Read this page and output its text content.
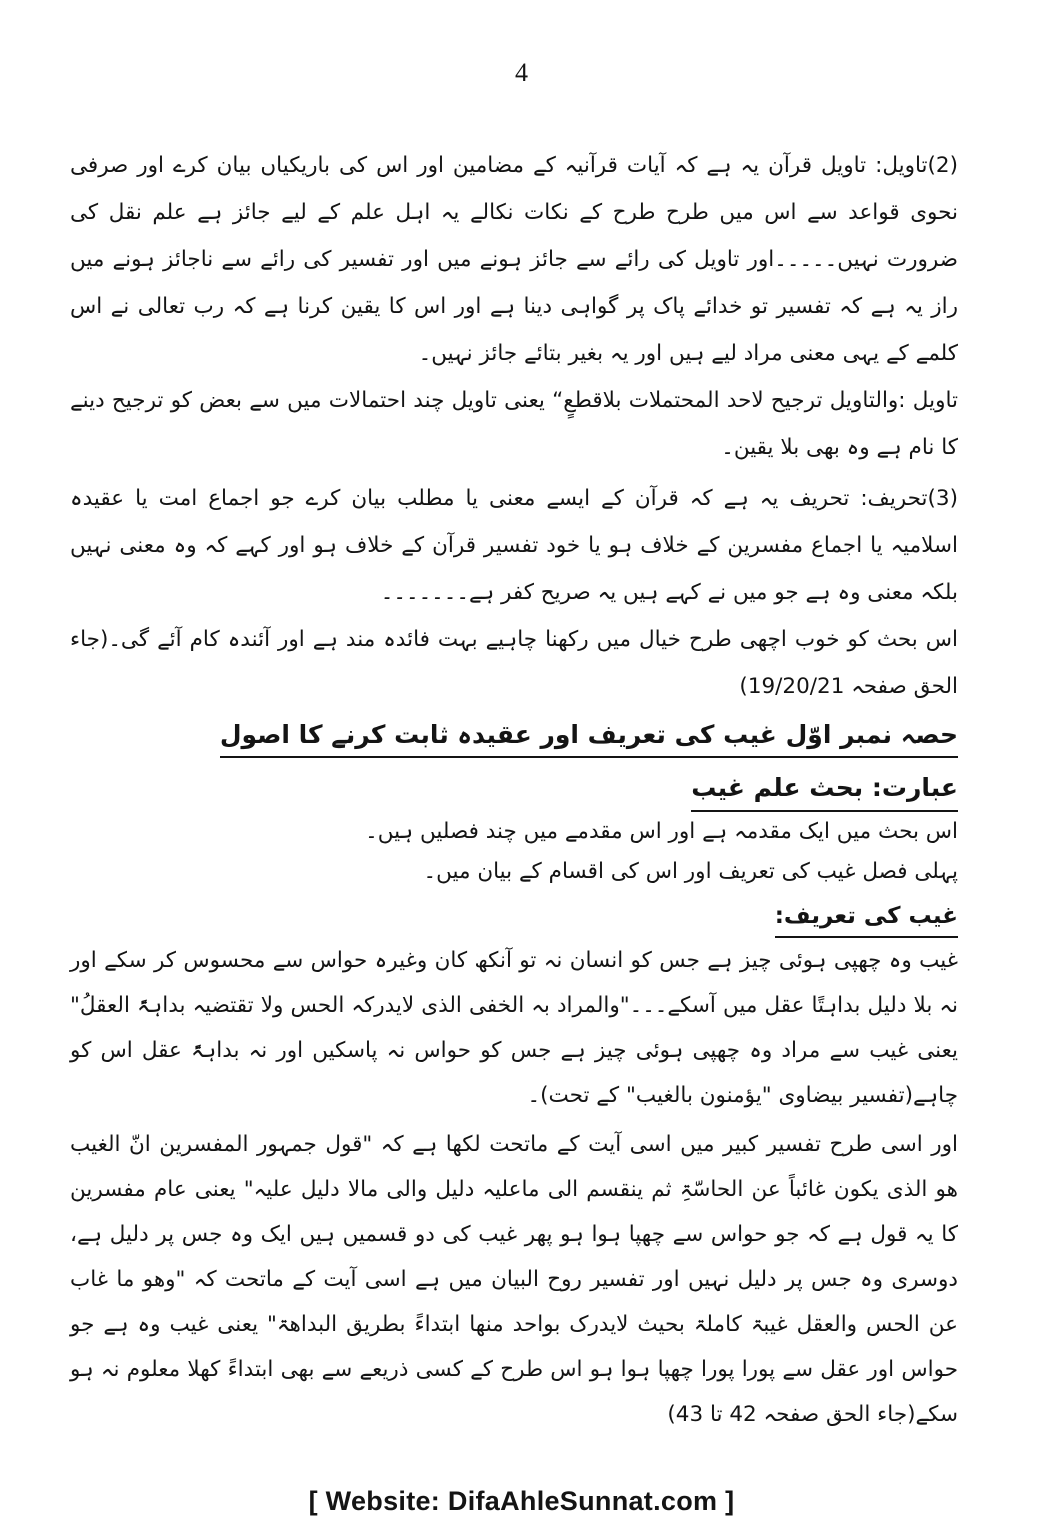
4

(2)تاویل: تاویل قرآن یہ ہے کہ آیات قرآنیہ کے مضامین اور اس کی باریکیاں بیان کرے اور صرفی نحوی قواعد سے اس میں طرح طرح کے نکات نکالے یہ اہل علم کے لیے جائز ہے علم نقل کی ضرورت نہیں۔۔۔۔۔اور تاویل کی رائے سے جائز ہونے میں اور تفسیر کی رائے سے ناجائز ہونے میں راز یہ ہے کہ تفسیر تو خدائے پاک پر گواہی دینا ہے اور اس کا یقین کرنا ہے کہ رب تعالی نے اس کلمے کے یہی معنی مراد لیے ہیں اور یہ بغیر بتائے جائز نہیں۔

تاویل :والتاویل ترجیح لاحد المحتملات بلاقطعٍ“ یعنی تاویل چند احتمالات میں سے بعض کو ترجیح دینے کا نام ہے وہ بھی بلا یقین۔

(3)تحریف: تحریف یہ ہے کہ قرآن کے ایسے معنی یا مطلب بیان کرے جو اجماع امت یا عقیدہ اسلامیہ یا اجماع مفسرین کے خلاف ہو یا خود تفسیر قرآن کے خلاف ہو اور کہے کہ وہ معنی نہیں بلکہ معنی وہ ہے جو میں نے کہے ہیں یہ صریح کفر ہے۔۔۔۔۔۔۔

اس بحث کو خوب اچھی طرح خیال میں رکھنا چاہیے بہت فائدہ مند ہے اور آئندہ کام آئے گی۔(جاء الحق صفحہ 19/20/21)

حصہ نمبر اوّل غیب کی تعریف اور عقیدہ ثابت کرنے کا اصول
عبارت: بحث علم غیب
اس بحث میں ایک مقدمہ ہے اور اس مقدمے میں چند فصلیں ہیں۔
پہلی فصل غیب کی تعریف اور اس کی اقسام کے بیان میں۔
غیب کی تعریف:

غیب وہ چھپی ہوئی چیز ہے جس کو انسان نہ تو آنکھ کان وغیرہ حواس سے محسوس کر سکے اور نہ بلا دلیل بداہتًا عقل میں آسکے۔۔۔"والمراد بہ الخفی الذی لایدرکہ الحس ولا تقتضیہ بداہۃً العقلُ" یعنی غیب سے مراد وہ چھپی ہوئی چیز ہے جس کو حواس نہ پاسکیں اور نہ بداہۃً عقل اس کو چاہے(تفسیر بیضاوی "یؤمنون بالغیب" کے تحت)۔

اور اسی طرح تفسیر کبیر میں اسی آیت کے ماتحت لکھا ہے کہ "قول جمہور المفسرین انّ الغیب ھو الذی یکون غائباً عن الحاسّۃِ ثم ینقسم الی ماعلیہ دلیل والی مالا دلیل علیہ" یعنی عام مفسرین کا یہ قول ہے کہ جو حواس سے چھپا ہوا ہو پھر غیب کی دو قسمیں ہیں ایک وہ جس پر دلیل ہے، دوسری وہ جس پر دلیل نہیں اور تفسیر روح البیان میں ہے اسی آیت کے ماتحت کہ "وھو ما غاب عن الحس والعقل غیبۃ کاملۃ بحیث لایدرک بواحد منھا ابتداءً بطریق البداھۃ" یعنی غیب وہ ہے جو حواس اور عقل سے پورا پورا چھپا ہوا ہو اس طرح کے کسی ذریعے سے بھی ابتداءً کھلا معلوم نہ ہو سکے(جاء الحق صفحہ 42 تا 43)

[ Website: DifaAhleSunnat.com ]
